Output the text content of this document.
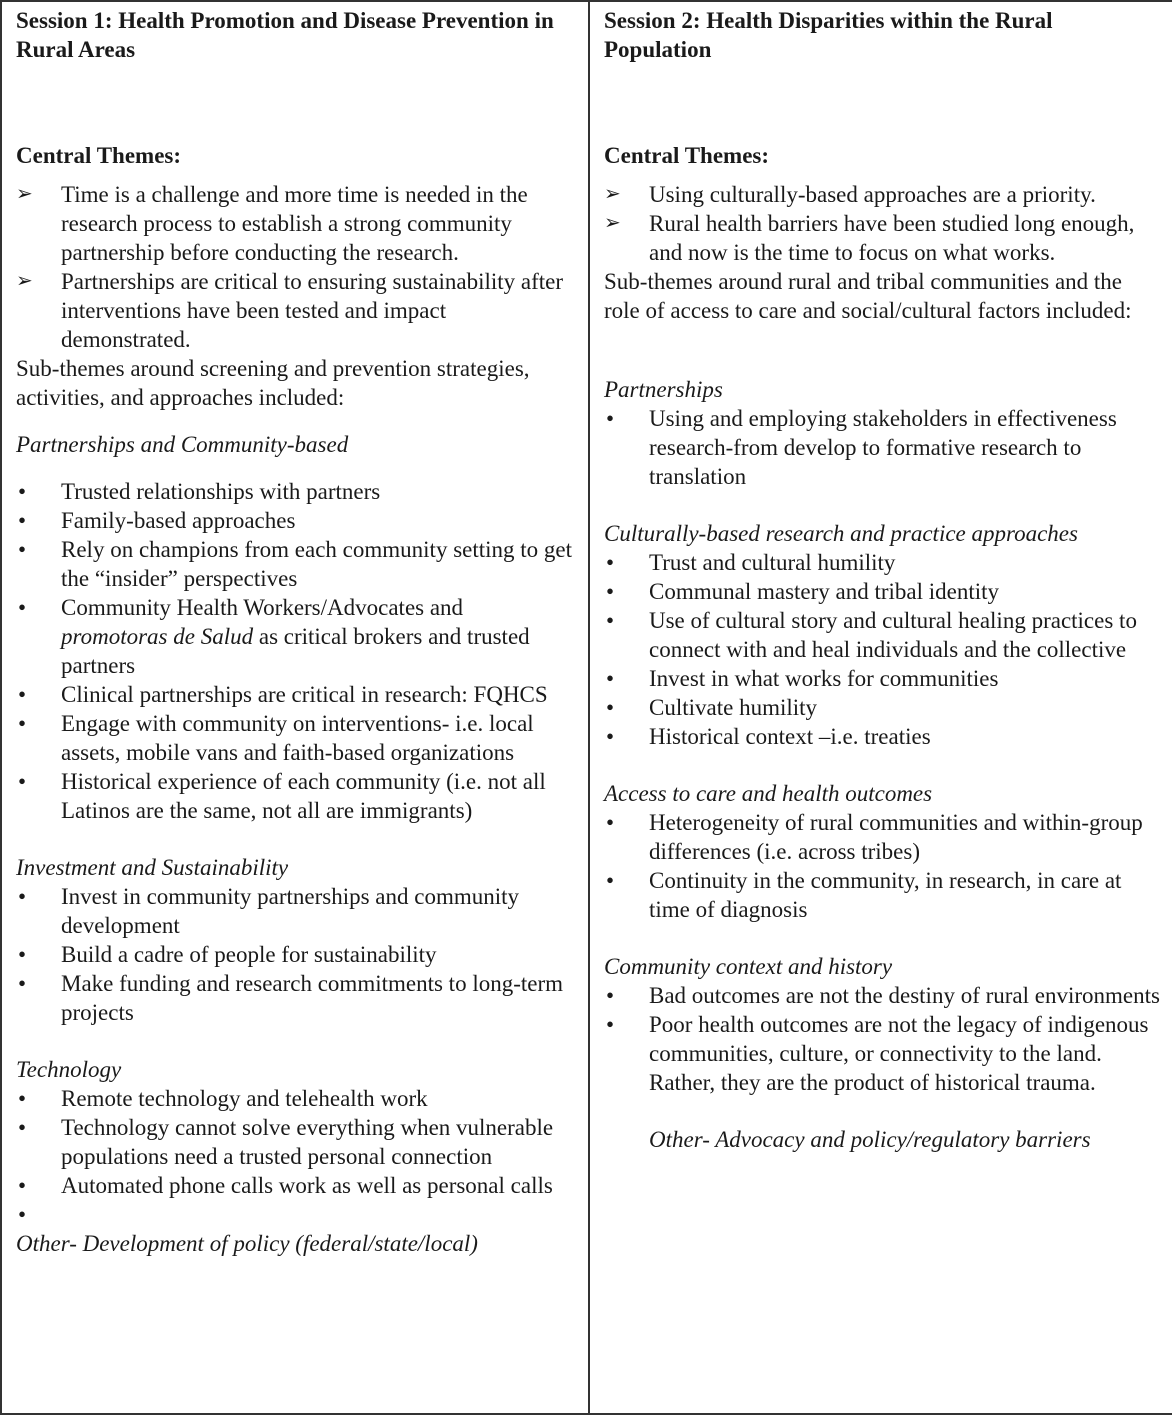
Session 1: Health Promotion and Disease Prevention in Rural Areas

Central Themes:
➢	Time is a challenge and more time is needed in the research process to establish a strong community partnership before conducting the research.
➢	Partnerships are critical to ensuring sustainability after interventions have been tested and impact demonstrated.

Sub-themes around screening and prevention strategies, activities, and approaches included:

Partnerships and Community-based
•	Trusted relationships with partners
•	Family-based approaches
•	Rely on champions from each community setting to get the “insider” perspectives
•	Community Health Workers/Advocates and
promotoras de Salud as critical brokers and trusted partners
•	Clinical partnerships are critical in research: FQHCS
•	Engage with community on interventions- i.e. local assets, mobile vans and faith-based organizations
•	Historical experience of each community (i.e. not all Latinos are the same, not all are immigrants)
Investment and Sustainability
•	Invest in community partnerships and community development
•	Build a cadre of people for sustainability
•	Make funding and research commitments to long-term projects
Technology
•	Remote technology and telehealth work
•	Technology cannot solve everything when vulnerable populations need a trusted personal connection
•	Automated phone calls work as well as personal calls
•

Other- Development of policy (federal/state/local)

Session 2: Health Disparities within the Rural Population

Central Themes:
➢	Using culturally-based approaches are a priority.
➢	Rural health barriers have been studied long enough, and now is the time to focus on what works.

Sub-themes around rural and tribal communities and the role of access to care and social/cultural factors included:

Partnerships
•	Using and employing stakeholders in effectiveness research-from develop to formative research to translation
Culturally-based research and practice approaches
•	Trust and cultural humility
•	Communal mastery and tribal identity
•	Use of cultural story and cultural healing practices to connect with and heal individuals and the collective
•	Invest in what works for communities
•	Cultivate humility
•	Historical context –i.e. treaties
Access to care and health outcomes
•	Heterogeneity of rural communities and within-group differences (i.e. across tribes)
•	Continuity in the community, in research, in care at time of diagnosis
Community context and history
•	Bad outcomes are not the destiny of rural environments
•	Poor health outcomes are not the legacy of indigenous communities, culture, or connectivity to the land. Rather, they are the product of historical trauma.
Other- Advocacy and policy/regulatory barriers
